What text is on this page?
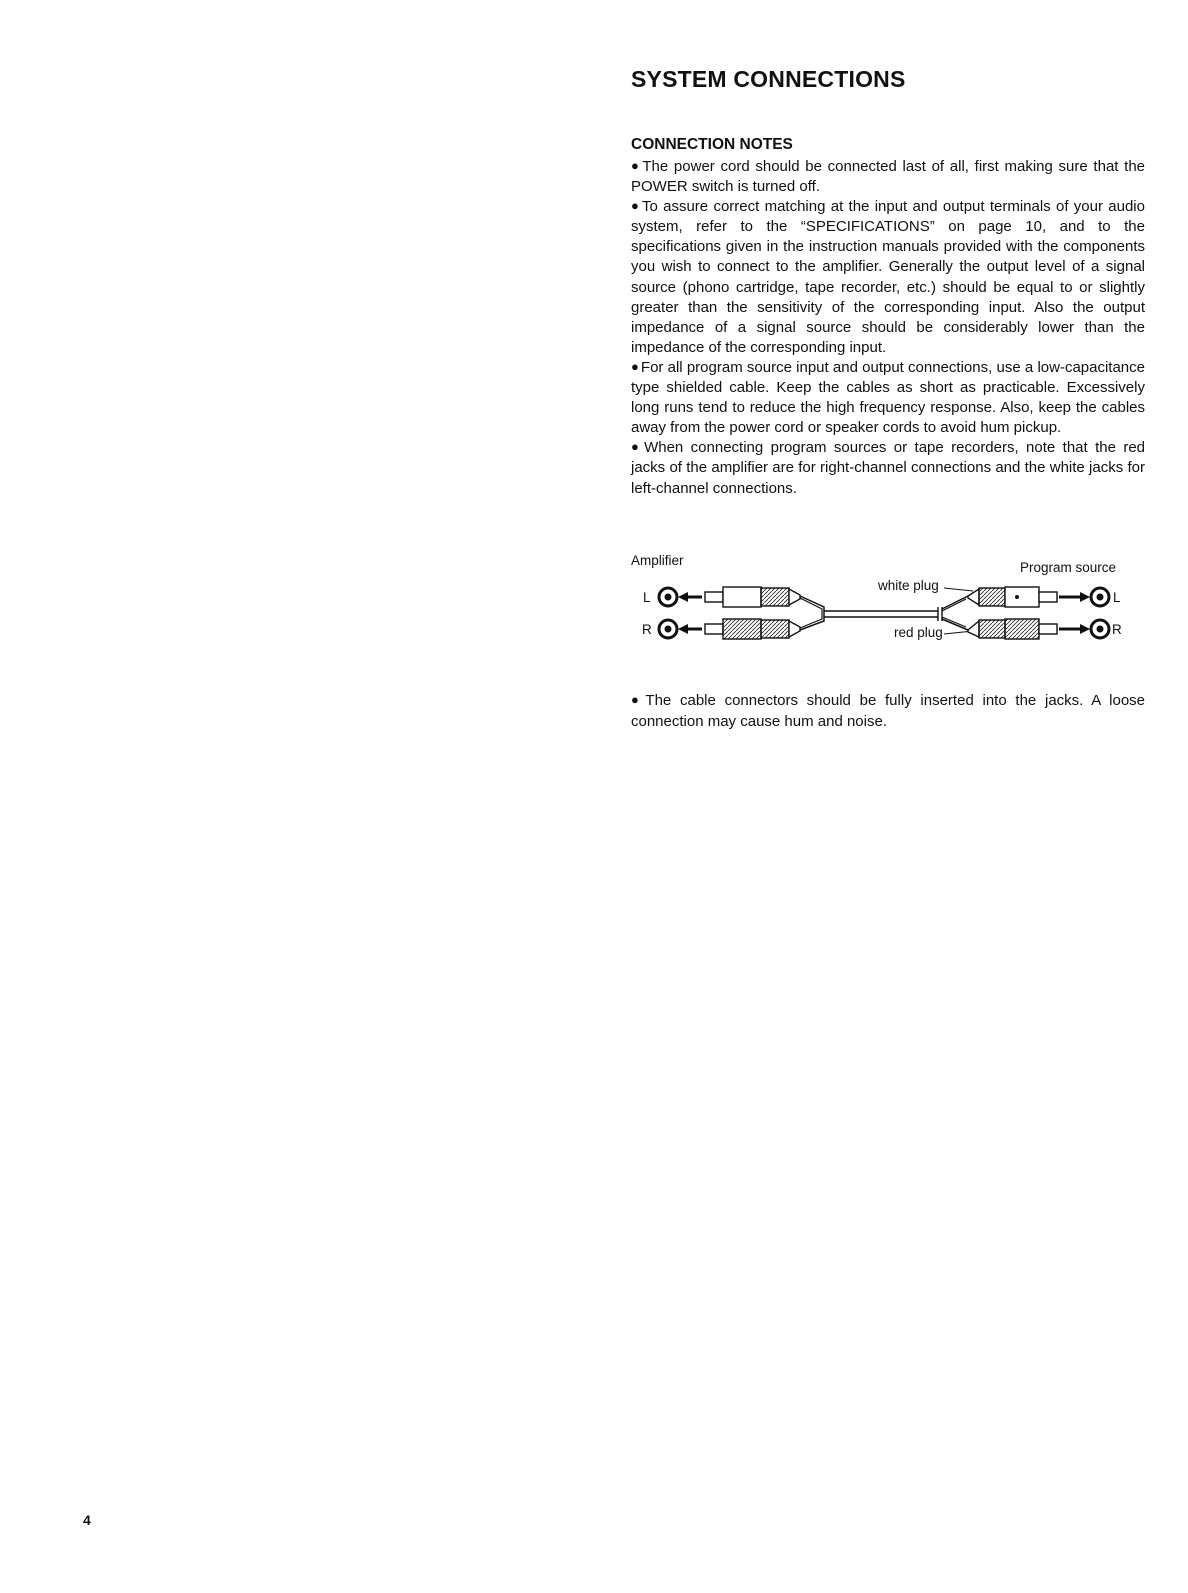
SYSTEM CONNECTIONS
CONNECTION NOTES

● The power cord should be connected last of all, first making sure that the POWER switch is turned off.

● To assure correct matching at the input and output terminals of your audio system, refer to the “SPECIFICATIONS” on page 10, and to the specifications given in the instruction manuals provided with the components you wish to connect to the amplifier. Generally the output level of a signal source (phono cartridge, tape recorder, etc.) should be equal to or slightly greater than the sensitivity of the corresponding input. Also the output impedance of a signal source should be considerably lower than the impedance of the corresponding input.

● For all program source input and output connections, use a low-capacitance type shielded cable. Keep the cables as short as practicable. Excessively long runs tend to reduce the high frequency response. Also, keep the cables away from the power cord or speaker cords to avoid hum pickup.

● When connecting program sources or tape recorders, note that the red jacks of the amplifier are for right-channel connections and the white jacks for left-channel connections.

Amplifier	Program source
white plug
red plug
L
R
L
R

● The cable connectors should be fully inserted into the jacks. A loose connection may cause hum and noise.

4
